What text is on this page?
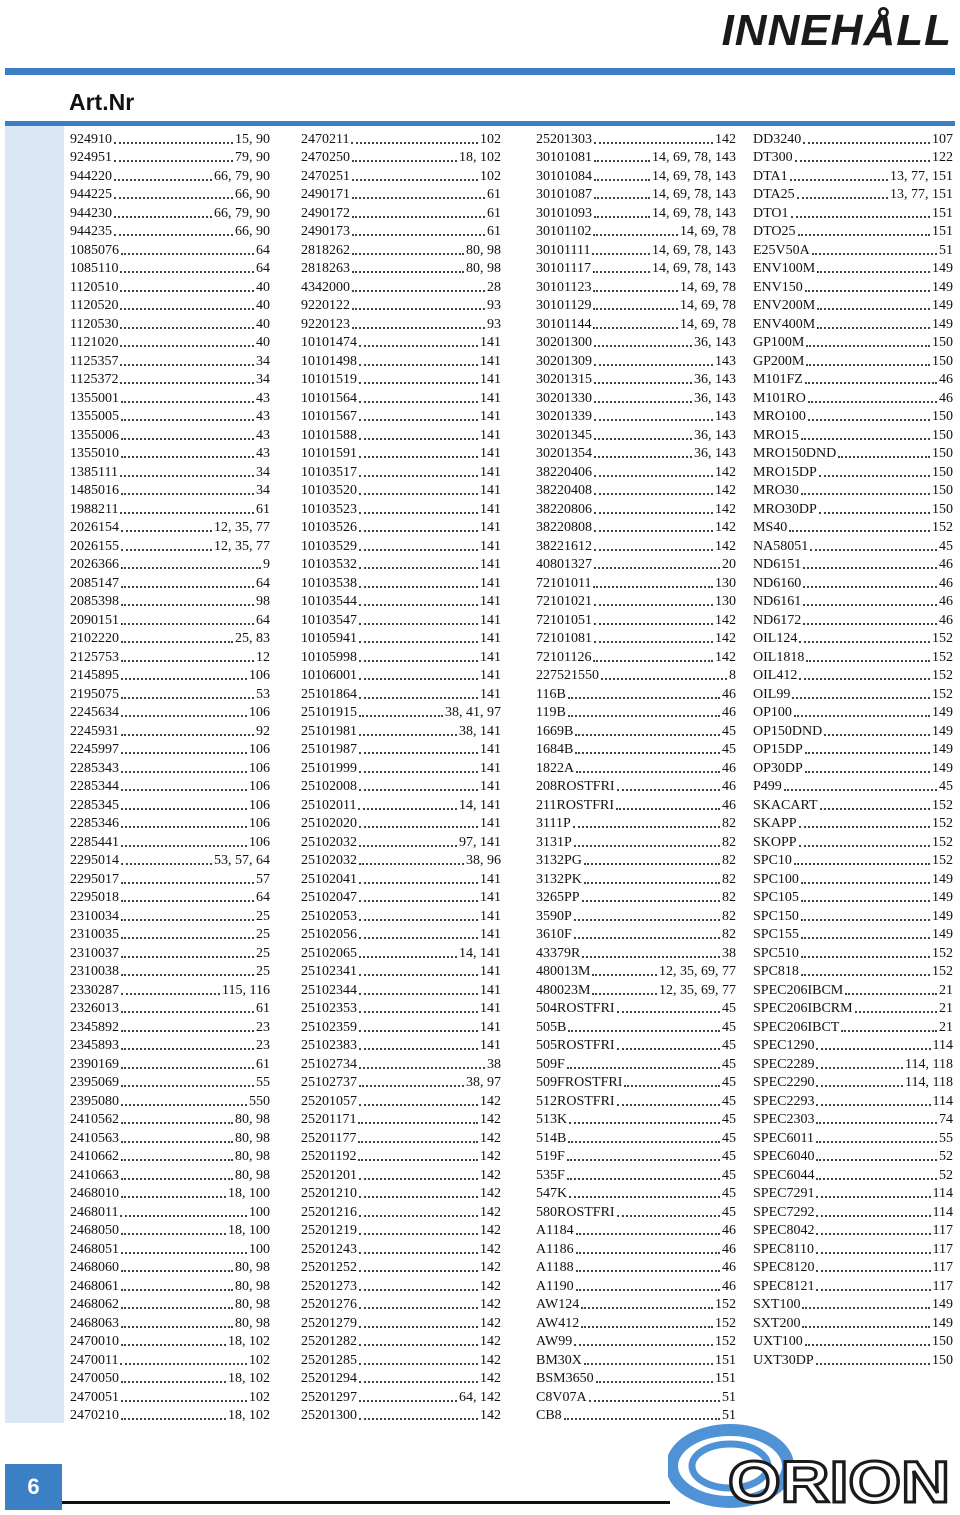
INNEHÅLL
Art.Nr
924910	15, 90
924951	79, 90
944220	66, 79, 90
944225	66, 90
944230	66, 79, 90
944235	66, 90
1085076	64
1085110	64
1120510	40
1120520	40
1120530	40
1121020	40
1125357	34
1125372	34
1355001	43
1355005	43
1355006	43
1355010	43
1385111	34
1485016	34
1988211	61
2026154	12, 35, 77
2026155	12, 35, 77
2026366	9
2085147	64
2085398	98
2090151	64
2102220	25, 83
2125753	12
2145895	106
2195075	53
2245634	106
2245931	92
2245997	106
2285343	106
2285344	106
2285345	106
2285346	106
2285441	106
2295014	53, 57, 64
2295017	57
2295018	64
2310034	25
2310035	25
2310037	25
2310038	25
2330287	115, 116
2326013	61
2345892	23
2345893	23
2390169	61
2395069	55
2395080	550
2410562	80, 98
2410563	80, 98
2410662	80, 98
2410663	80, 98
2468010	18, 100
2468011	100
2468050	18, 100
2468051	100
2468060	80, 98
2468061	80, 98
2468062	80, 98
2468063	80, 98
2470010	18, 102
2470011	102
2470050	18, 102
2470051	102
2470210	18, 102
2470211	102
2470250	18, 102
2470251	102
2490171	61
2490172	61
2490173	61
2818262	80, 98
2818263	80, 98
4342000	28
9220122	93
9220123	93
10101474	141
10101498	141
10101519	141
10101564	141
10101567	141
10101588	141
10101591	141
10103517	141
10103520	141
10103523	141
10103526	141
10103529	141
10103532	141
10103538	141
10103544	141
10103547	141
10105941	141
10105998	141
10106001	141
25101864	141
25101915	38, 41, 97
25101981	38, 141
25101987	141
25101999	141
25102008	141
25102011	14, 141
25102020	141
25102032	97, 141
25102032	38, 96
25102041	141
25102047	141
25102053	141
25102056	141
25102065	14, 141
25102341	141
25102344	141
25102353	141
25102359	141
25102383	141
25102734	38
25102737	38, 97
25201057	142
25201171	142
25201177	142
25201192	142
25201201	142
25201210	142
25201216	142
25201219	142
25201243	142
25201252	142
25201273	142
25201276	142
25201279	142
25201282	142
25201285	142
25201294	142
25201297	64, 142
25201300	142
25201303	142
30101081	14, 69, 78, 143
30101084	14, 69, 78, 143
30101087	14, 69, 78, 143
30101093	14, 69, 78, 143
30101102	14, 69, 78
30101111	14, 69, 78, 143
30101117	14, 69, 78, 143
30101123	14, 69, 78
30101129	14, 69, 78
30101144	14, 69, 78
30201300	36, 143
30201309	143
30201315	36, 143
30201330	36, 143
30201339	143
30201345	36, 143
30201354	36, 143
38220406	142
38220408	142
38220806	142
38220808	142
38221612	142
40801327	20
72101011	130
72101021	130
72101051	142
72101081	142
72101126	142
227521550	8
116B	46
119B	46
1669B	45
1684B	45
1822A	46
208ROSTFRI	46
211ROSTFRI	46
3111P	82
3131P	82
3132PG	82
3132PK	82
3265PP	82
3590P	82
3610F	82
43379R	38
480013M	12, 35, 69, 77
480023M	12, 35, 69, 77
504ROSTFRI	45
505B	45
505ROSTFRI	45
509F	45
509FROSTFRI	45
512ROSTFRI	45
513K	45
514B	45
519F	45
535F	45
547K	45
580ROSTFRI	45
A1184	46
A1186	46
A1188	46
A1190	46
AW124	152
AW412	152
AW99	152
BM30X	151
BSM3650	151
C8V07A	51
CB8	51
DD3240	107
DT300	122
DTA1	13, 77, 151
DTA25	13, 77, 151
DTO1	151
DTO25	151
E25V50A	51
ENV100M	149
ENV150	149
ENV200M	149
ENV400M	149
GP100M	150
GP200M	150
M101FZ	46
M101RO	46
MRO100	150
MRO15	150
MRO150DND	150
MRO15DP	150
MRO30	150
MRO30DP	150
MS40	152
NA58051	45
ND6151	46
ND6160	46
ND6161	46
ND6172	46
OIL124	152
OIL1818	152
OIL412	152
OIL99	152
OP100	149
OP150DND	149
OP15DP	149
OP30DP	149
P499	45
SKACART	152
SKAPP	152
SKOPP	152
SPC10	152
SPC100	149
SPC105	149
SPC150	149
SPC155	149
SPC510	152
SPC818	152
SPEC206IBCM	21
SPEC206IBCRM	21
SPEC206IBCT	21
SPEC1290	114
SPEC2289	114, 118
SPEC2290	114, 118
SPEC2293	114
SPEC2303	74
SPEC6011	55
SPEC6040	52
SPEC6044	52
SPEC7291	114
SPEC7292	114
SPEC8042	117
SPEC8110	117
SPEC8120	117
SPEC8121	117
SXT100	149
SXT200	149
UXT100	150
UXT30DP	150
6	ORION
